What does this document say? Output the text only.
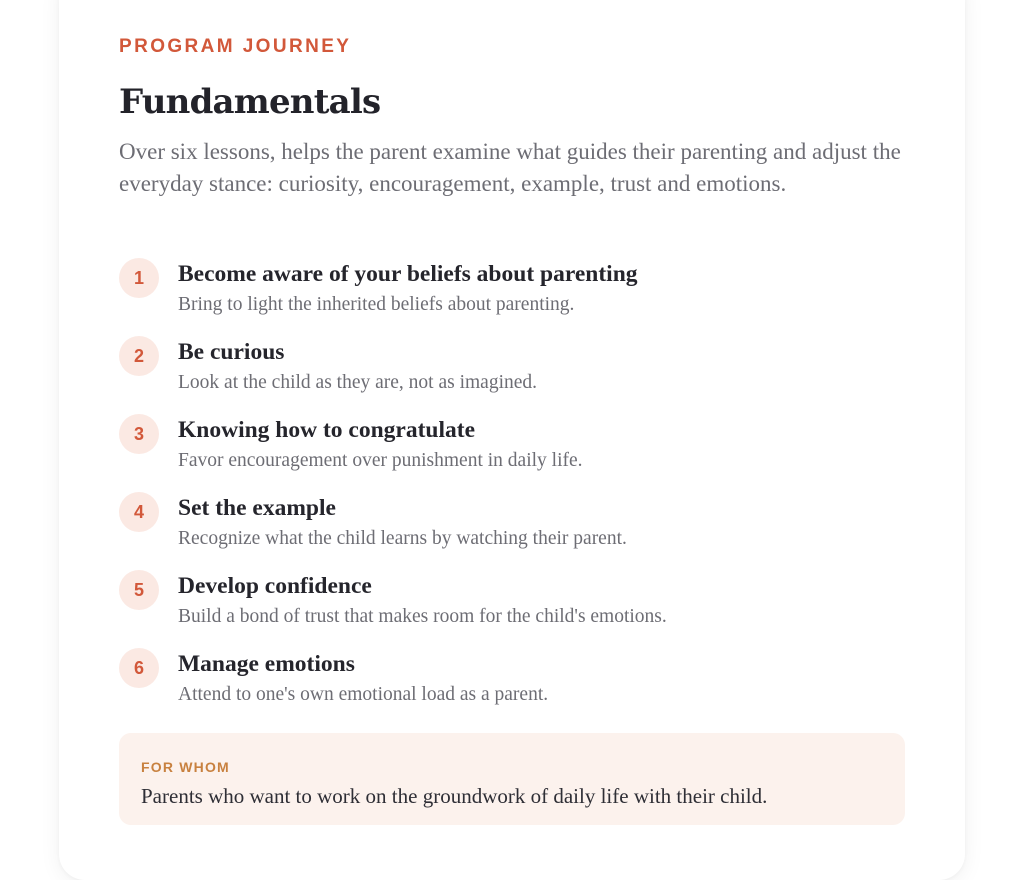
PROGRAM JOURNEY
Fundamentals

Over six lessons, helps the parent examine what guides their parenting and adjust the everyday stance: curiosity, encouragement, example, trust and emotions.

1	Become aware of your beliefs about parenting
Bring to light the inherited beliefs about parenting.
2	Be curious
Look at the child as they are, not as imagined.
3	Knowing how to congratulate
Favor encouragement over punishment in daily life.
4	Set the example
Recognize what the child learns by watching their parent.
5	Develop confidence
Build a bond of trust that makes room for the child's emotions.
6	Manage emotions
Attend to one's own emotional load as a parent.
FOR WHOM
Parents who want to work on the groundwork of daily life with their child.
